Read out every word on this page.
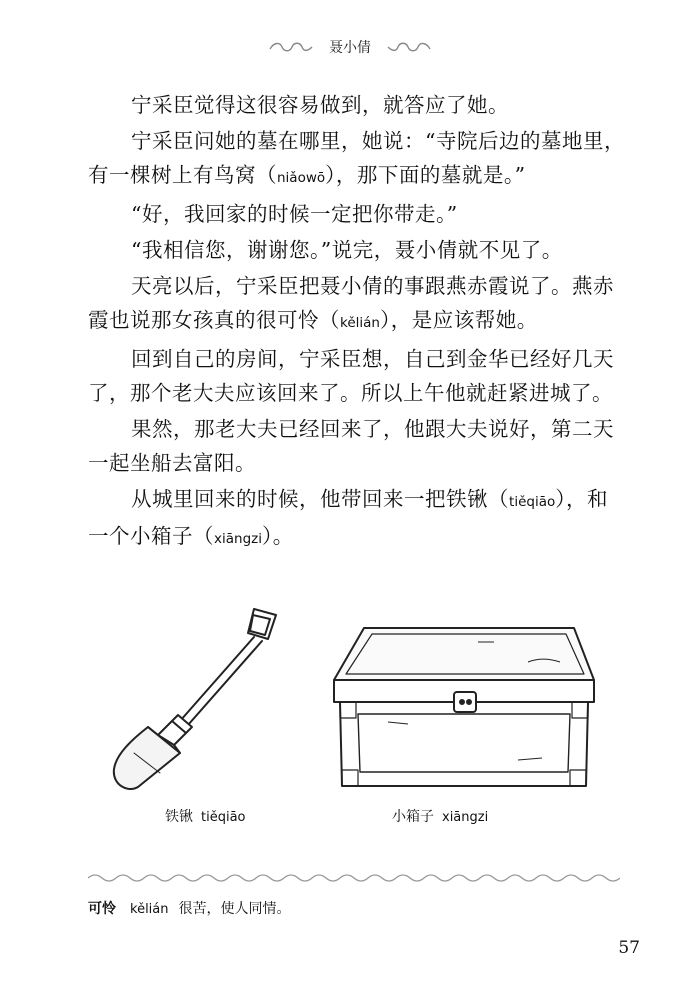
聂小倩

宁采臣觉得这很容易做到，就答应了她。

宁采臣问她的墓在哪里，她说：“寺院后边的墓地里，有一棵树上有鸟窝（niǎowō），那下面的墓就是。”

“好，我回家的时候一定把你带走。”

“我相信您，谢谢您。”说完，聂小倩就不见了。

天亮以后，宁采臣把聂小倩的事跟燕赤霞说了。燕赤霞也说那女孩真的很可怜（kělián），是应该帮她。

回到自己的房间，宁采臣想，自己到金华已经好几天了，那个老大夫应该回来了。所以上午他就赶紧进城了。

果然，那老大夫已经回来了，他跟大夫说好，第二天一起坐船去富阳。

从城里回来的时候，他带回来一把铁锹（tiěqiāo），和一个小箱子（xiāngzi）。

铁锹 tiěqiāo	小箱子 xiāngzi
可怜 kělián 很苦，使人同情。
57
